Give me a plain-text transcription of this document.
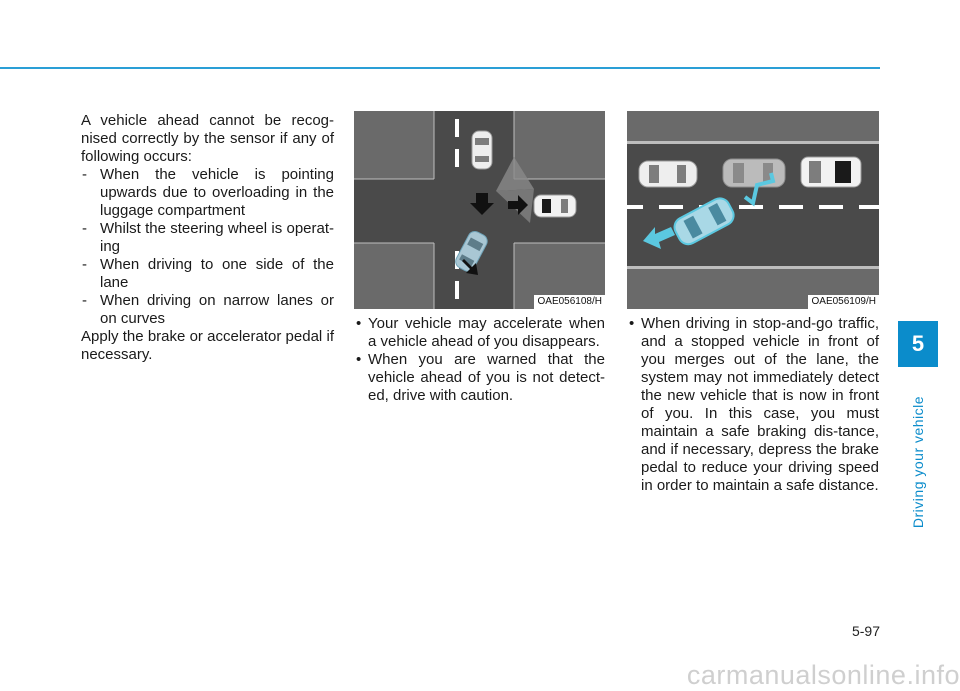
A vehicle ahead cannot be recog-nised correctly by the sensor if any of following occurs:

- When the vehicle is pointing upwards due to overloading in the luggage compartment
- Whilst the steering wheel is operat-ing
- When driving to one side of the lane
- When driving on narrow lanes or on curves

Apply the brake or accelerator pedal if necessary.

OAE056108/H
• Your vehicle may accelerate when a vehicle ahead of you disappears.
• When you are warned that the vehicle ahead of you is not detect-ed, drive with caution.
OAE056109/H
• When driving in stop-and-go traffic, and a stopped vehicle in front of you merges out of the lane, the system may not immediately detect the new vehicle that is now in front of you. In this case, you must maintain a safe braking dis-tance, and if necessary, depress the brake pedal to reduce your driving speed in order to maintain a safe distance.
5
Driving your vehicle
5-97
carmanualsonline.info
